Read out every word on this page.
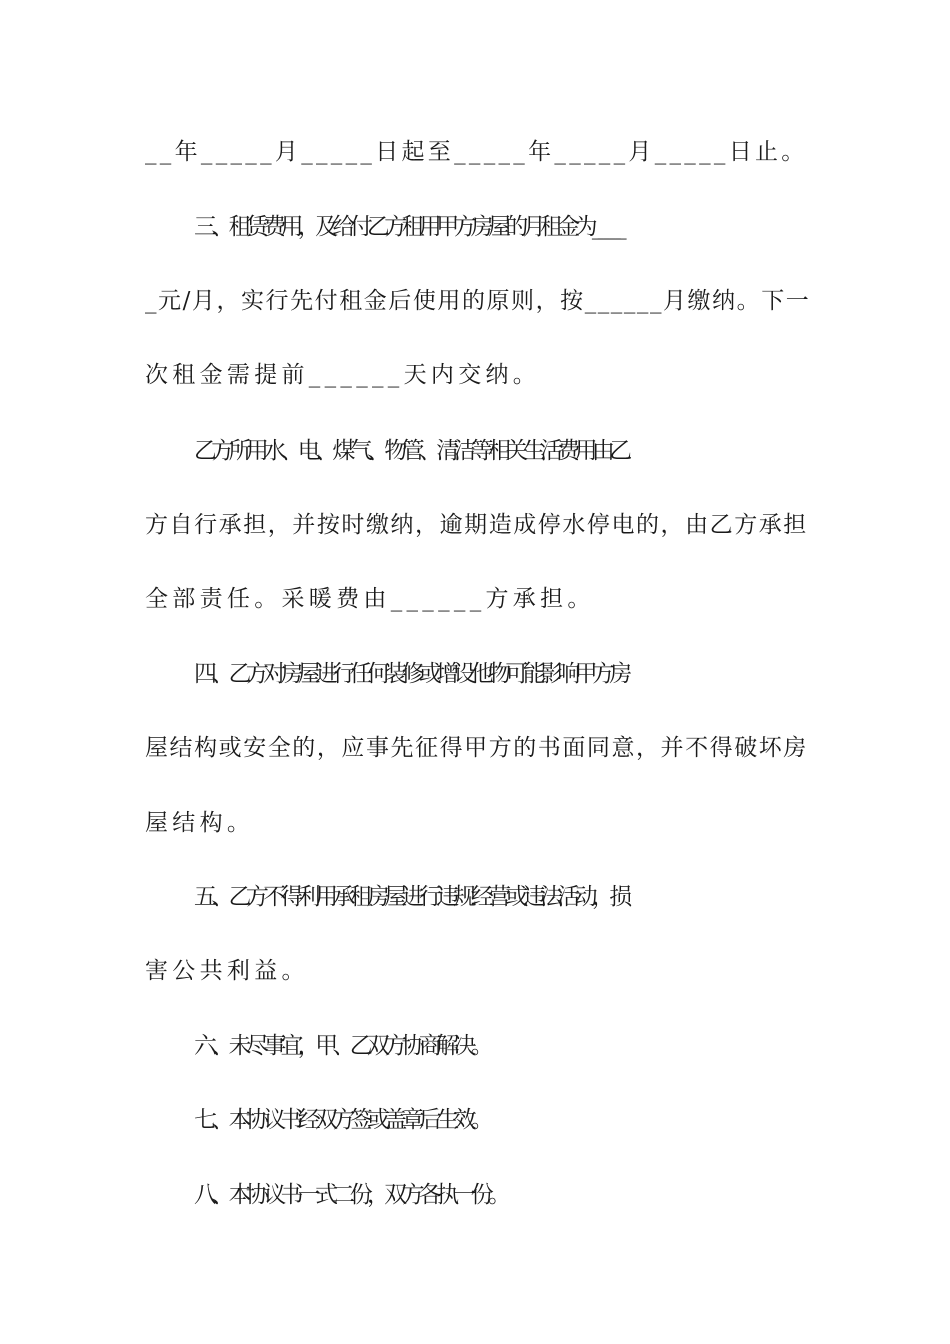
__年_____月_____日起至_____年_____月_____日止。
三、租赁费用，及给付乙方租用甲方房屋的月租金为_____
_元/月，实行先付租金后使用的原则，按______月缴纳。下一
次租金需提前______天内交纳。
乙方所用水、电、煤气、物管、清洁等相关生活费用由乙
方自行承担，并按时缴纳，逾期造成停水停电的，由乙方承担
全部责任。采暖费由______方承担。
四、乙方对房屋进行任何装修或增设他物可能影响甲方房
屋结构或安全的，应事先征得甲方的书面同意，并不得破坏房
屋结构。
五、乙方不得利用承租房屋进行违规经营或违法活动，损
害公共利益。
六、未尽事宜，甲、乙双方协商解决。
七、本协议书经双方签或盖章后生效。
八、本协议书一式二份，双方各执一份。
